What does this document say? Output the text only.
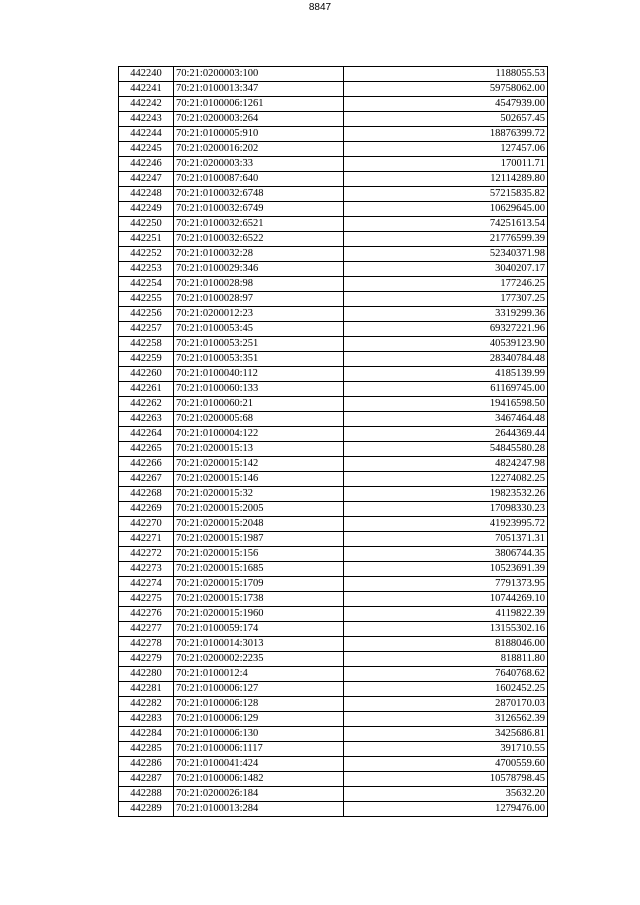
8847
442240	70:21:0200003:100	1188055.53
442241	70:21:0100013:347	59758062.00
442242	70:21:0100006:1261	4547939.00
442243	70:21:0200003:264	502657.45
442244	70:21:0100005:910	18876399.72
442245	70:21:0200016:202	127457.06
442246	70:21:0200003:33	170011.71
442247	70:21:0100087:640	12114289.80
442248	70:21:0100032:6748	57215835.82
442249	70:21:0100032:6749	10629645.00
442250	70:21:0100032:6521	74251613.54
442251	70:21:0100032:6522	21776599.39
442252	70:21:0100032:28	52340371.98
442253	70:21:0100029:346	3040207.17
442254	70:21:0100028:98	177246.25
442255	70:21:0100028:97	177307.25
442256	70:21:0200012:23	3319299.36
442257	70:21:0100053:45	69327221.96
442258	70:21:0100053:251	40539123.90
442259	70:21:0100053:351	28340784.48
442260	70:21:0100040:112	4185139.99
442261	70:21:0100060:133	61169745.00
442262	70:21:0100060:21	19416598.50
442263	70:21:0200005:68	3467464.48
442264	70:21:0100004:122	2644369.44
442265	70:21:0200015:13	54845580.28
442266	70:21:0200015:142	4824247.98
442267	70:21:0200015:146	12274082.25
442268	70:21:0200015:32	19823532.26
442269	70:21:0200015:2005	17098330.23
442270	70:21:0200015:2048	41923995.72
442271	70:21:0200015:1987	7051371.31
442272	70:21:0200015:156	3806744.35
442273	70:21:0200015:1685	10523691.39
442274	70:21:0200015:1709	7791373.95
442275	70:21:0200015:1738	10744269.10
442276	70:21:0200015:1960	4119822.39
442277	70:21:0100059:174	13155302.16
442278	70:21:0100014:3013	8188046.00
442279	70:21:0200002:2235	818811.80
442280	70:21:0100012:4	7640768.62
442281	70:21:0100006:127	1602452.25
442282	70:21:0100006:128	2870170.03
442283	70:21:0100006:129	3126562.39
442284	70:21:0100006:130	3425686.81
442285	70:21:0100006:1117	391710.55
442286	70:21:0100041:424	4700559.60
442287	70:21:0100006:1482	10578798.45
442288	70:21:0200026:184	35632.20
442289	70:21:0100013:284	1279476.00
